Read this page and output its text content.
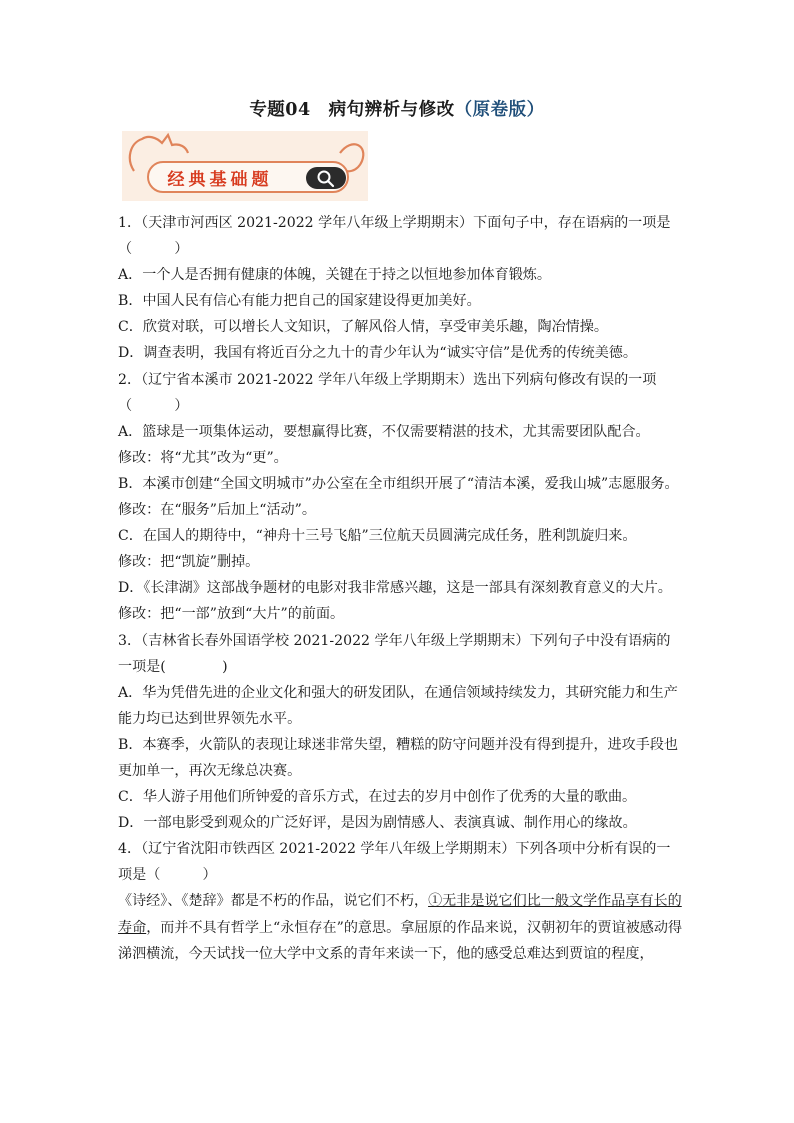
专题04　病句辨析与修改（原卷版）
经典基础题

1．（天津市河西区 2021-2022 学年八年级上学期期末）下面句子中，存在语病的一项是

（　　　）

A．一个人是否拥有健康的体魄，关键在于持之以恒地参加体育锻炼。

B．中国人民有信心有能力把自己的国家建设得更加美好。

C．欣赏对联，可以增长人文知识，了解风俗人情，享受审美乐趣，陶冶情操。

D．调查表明，我国有将近百分之九十的青少年认为“诚实守信”是优秀的传统美德。

2．（辽宁省本溪市 2021-2022 学年八年级上学期期末）选出下列病句修改有误的一项

（　　　）

A．篮球是一项集体运动，要想赢得比赛，不仅需要精湛的技术，尤其需要团队配合。

修改：将“尤其”改为“更”。

B．本溪市创建“全国文明城市”办公室在全市组织开展了“清洁本溪，爱我山城”志愿服务。

修改：在“服务”后加上“活动”。

C．在国人的期待中，“神舟十三号飞船”三位航天员圆满完成任务，胜利凯旋归来。

修改：把“凯旋”删掉。

D．《长津湖》这部战争题材的电影对我非常感兴趣，这是一部具有深刻教育意义的大片。

修改：把“一部”放到“大片”的前面。

3．（吉林省长春外国语学校 2021-2022 学年八年级上学期期末）下列句子中没有语病的一项是(　　　　)

A．华为凭借先进的企业文化和强大的研发团队，在通信领域持续发力，其研究能力和生产能力均已达到世界领先水平。

B．本赛季，火箭队的表现让球迷非常失望，糟糕的防守问题并没有得到提升，进攻手段也更加单一，再次无缘总决赛。

C．华人游子用他们所钟爱的音乐方式，在过去的岁月中创作了优秀的大量的歌曲。

D．一部电影受到观众的广泛好评，是因为剧情感人、表演真诚、制作用心的缘故。

4．（辽宁省沈阳市铁西区 2021-2022 学年八年级上学期期末）下列各项中分析有误的一项是（　　　）

《诗经》、《楚辞》都是不朽的作品，说它们不朽，①无非是说它们比一般文学作品享有长的寿命，而并不具有哲学上“永恒存在”的意思。拿屈原的作品来说，汉朝初年的贾谊被感动得涕泗横流，今天试找一位大学中文系的青年来读一下，他的感受总难达到贾谊的程度，
